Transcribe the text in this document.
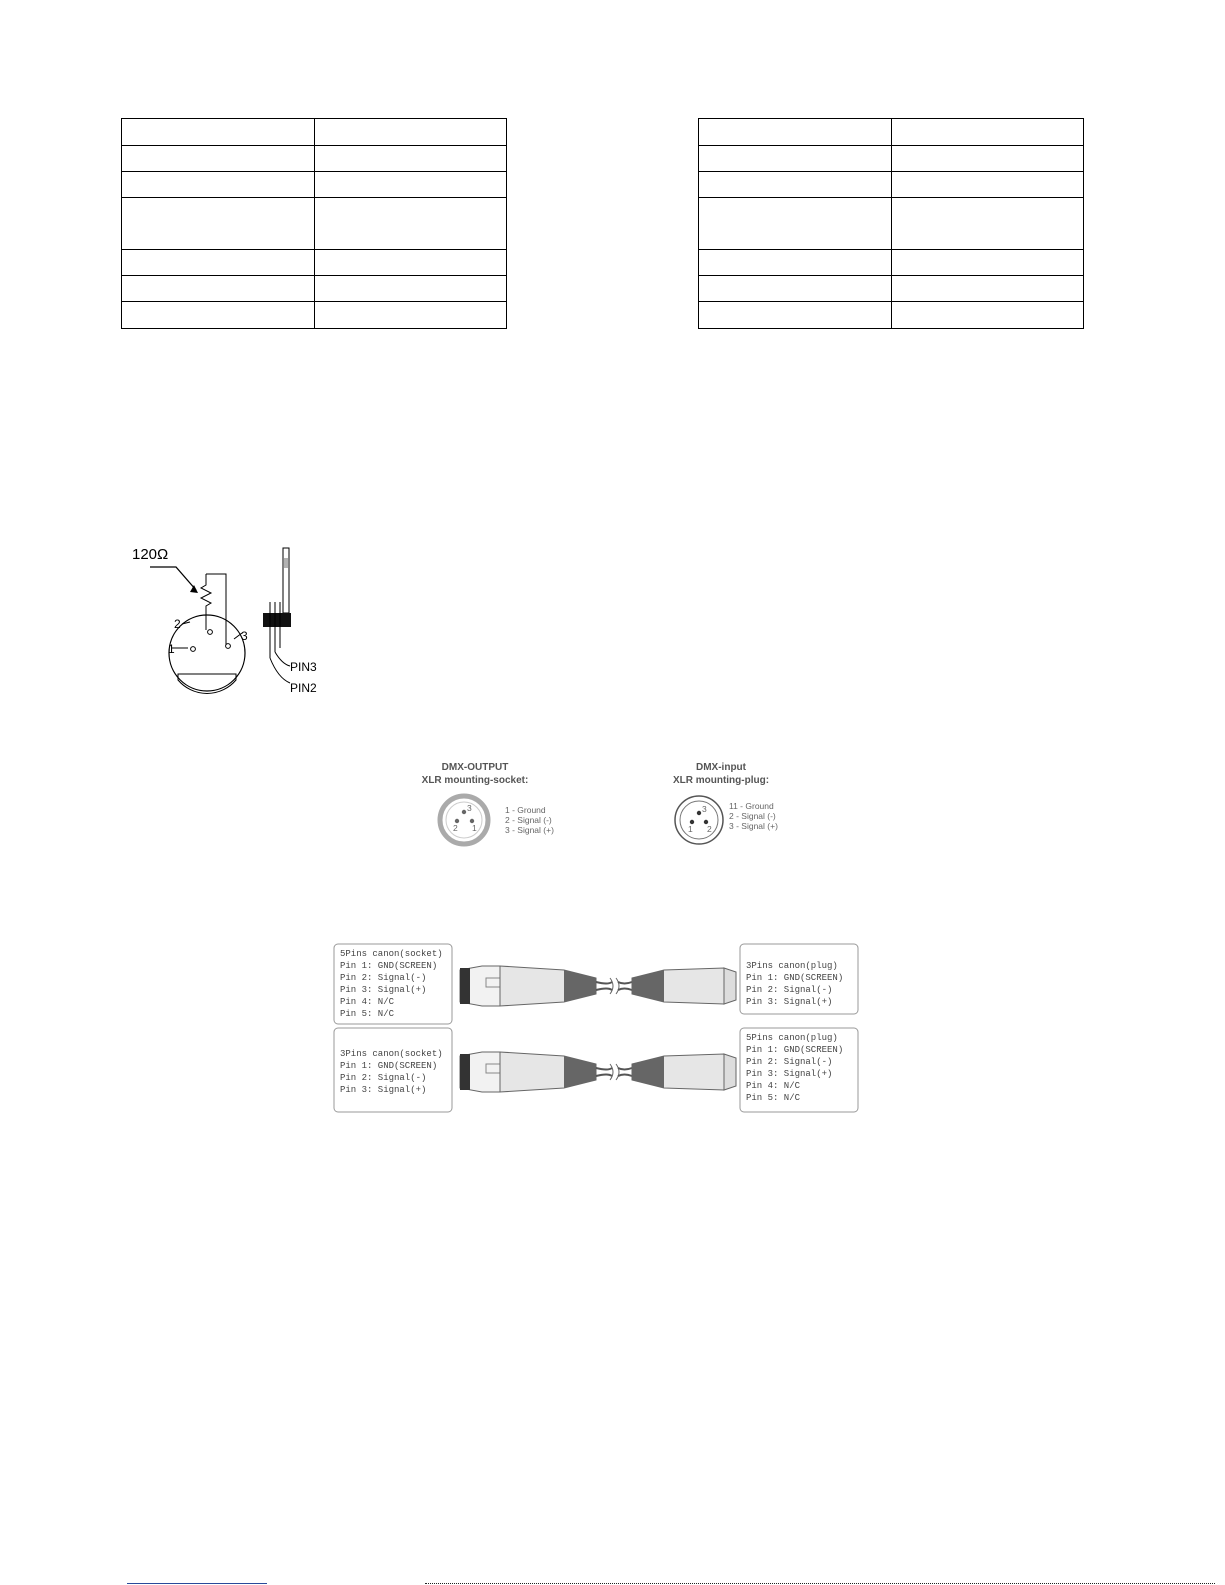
120Ω
1
2
3
PIN3
PIN2
DMX-OUTPUT
XLR mounting-socket:
3
2 1
1 - Ground
2 - Signal (-)
3 - Signal (+)
DMX-input
XLR mounting-plug:
3
1 2
11 - Ground
2 - Signal (-)
3 - Signal (+)
5Pins canon(socket)
Pin 1: GND(SCREEN)
Pin 2: Signal(-)
Pin 3: Signal(+)
Pin 4: N/C
Pin 5: N/C
3Pins canon(plug)
Pin 1: GND(SCREEN)
Pin 2: Signal(-)
Pin 3: Signal(+)
3Pins canon(socket)
Pin 1: GND(SCREEN)
Pin 2: Signal(-)
Pin 3: Signal(+)
5Pins canon(plug)
Pin 1: GND(SCREEN)
Pin 2: Signal(-)
Pin 3: Signal(+)
Pin 4: N/C
Pin 5: N/C
